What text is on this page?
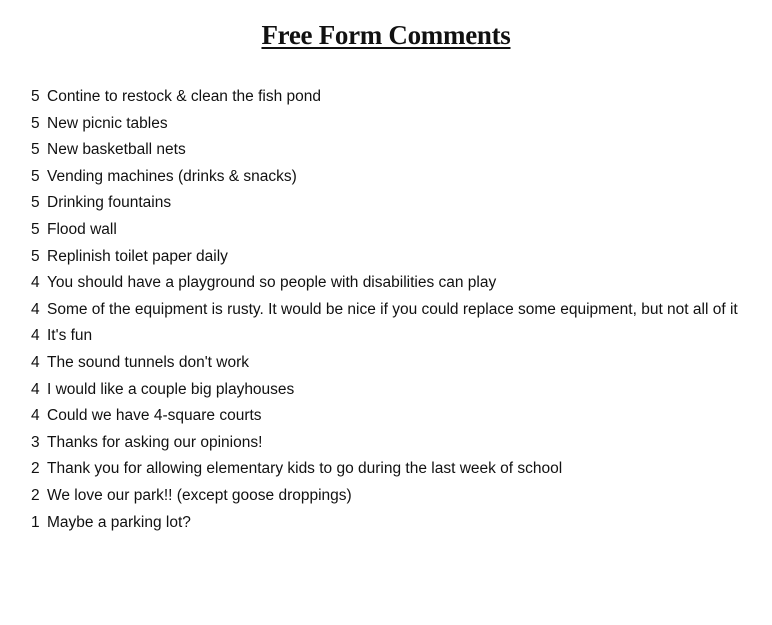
Free Form Comments
5 Contine to restock & clean the fish pond
5 New picnic tables
5 New basketball nets
5 Vending machines (drinks & snacks)
5 Drinking fountains
5 Flood wall
5 Replinish toilet paper daily
4 You should have a playground so people with disabilities can play
4 Some of the equipment is rusty. It would be nice if you could replace some equipment, but not all of it
4 It's fun
4 The sound tunnels don't work
4 I would like a couple big playhouses
4 Could we have 4-square courts
3 Thanks for asking our opinions!
2 Thank you for allowing elementary kids to go during the last week of school
2 We love our park!! (except goose droppings)
1 Maybe a parking lot?
